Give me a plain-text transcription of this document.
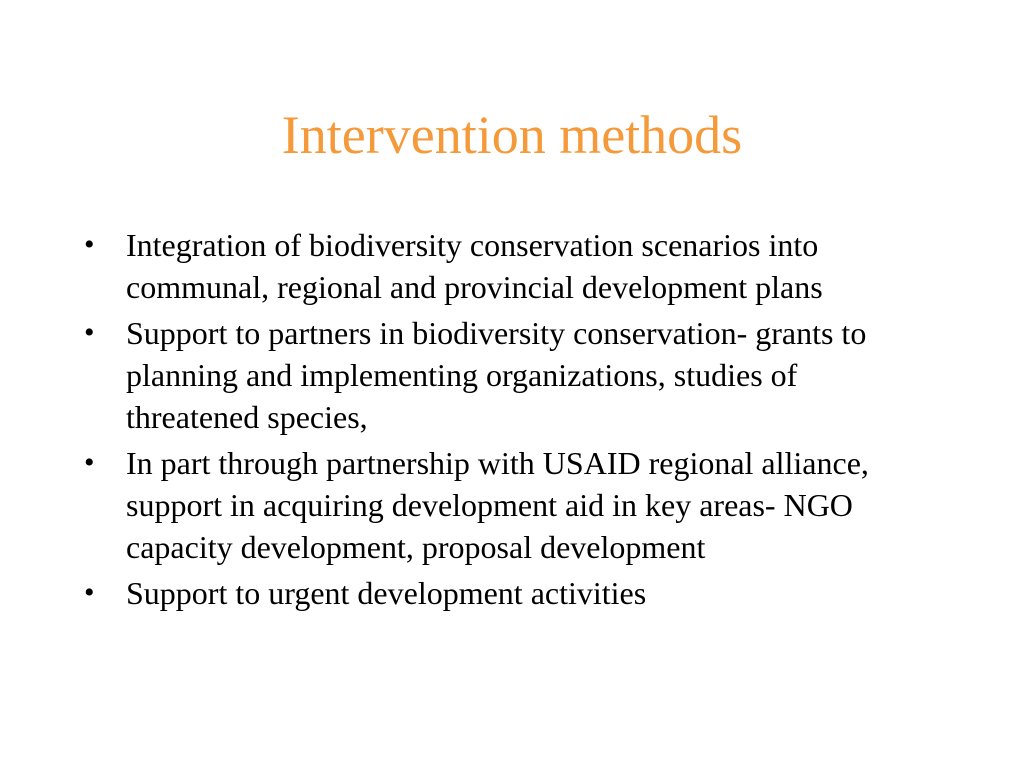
Intervention methods
• Integration of biodiversity conservation scenarios into communal, regional and provincial development plans
• Support to partners in biodiversity conservation- grants to planning and implementing organizations, studies of threatened species,
• In part through partnership with USAID regional alliance, support in acquiring development aid in key areas- NGO capacity development, proposal development
• Support to urgent development activities
